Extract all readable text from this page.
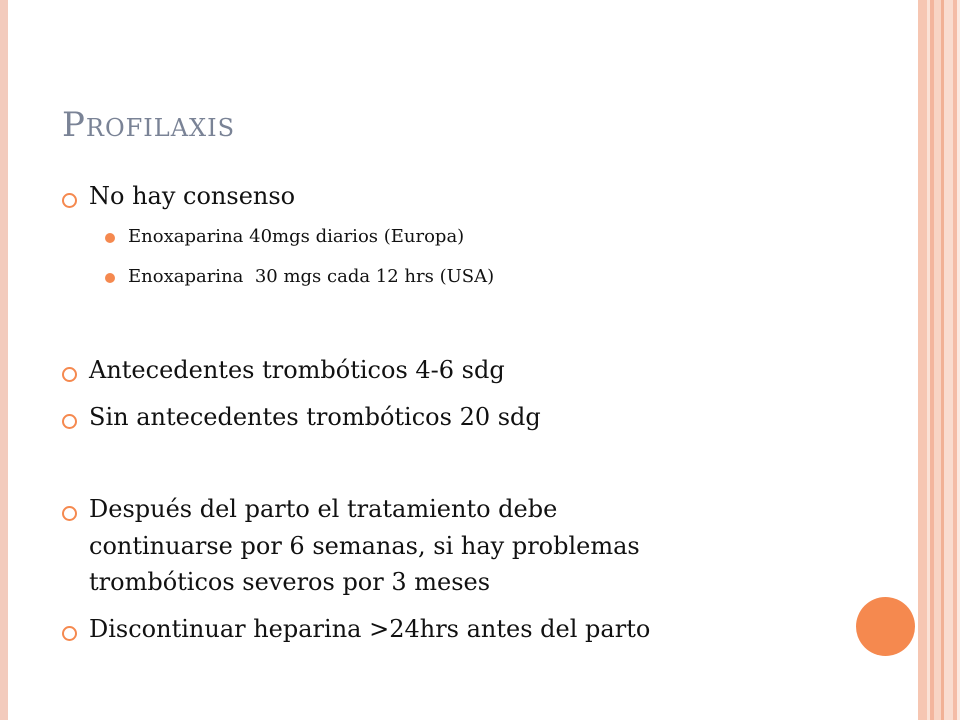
Profilaxis
No hay consenso
Enoxaparina 40mgs diarios (Europa)
Enoxaparina  30 mgs cada 12 hrs (USA)
Antecedentes trombóticos 4-6 sdg
Sin antecedentes trombóticos 20 sdg
Después del parto el tratamiento debe
continuarse por 6 semanas, si hay problemas
trombóticos severos por 3 meses
Discontinuar heparina >24hrs antes del parto
